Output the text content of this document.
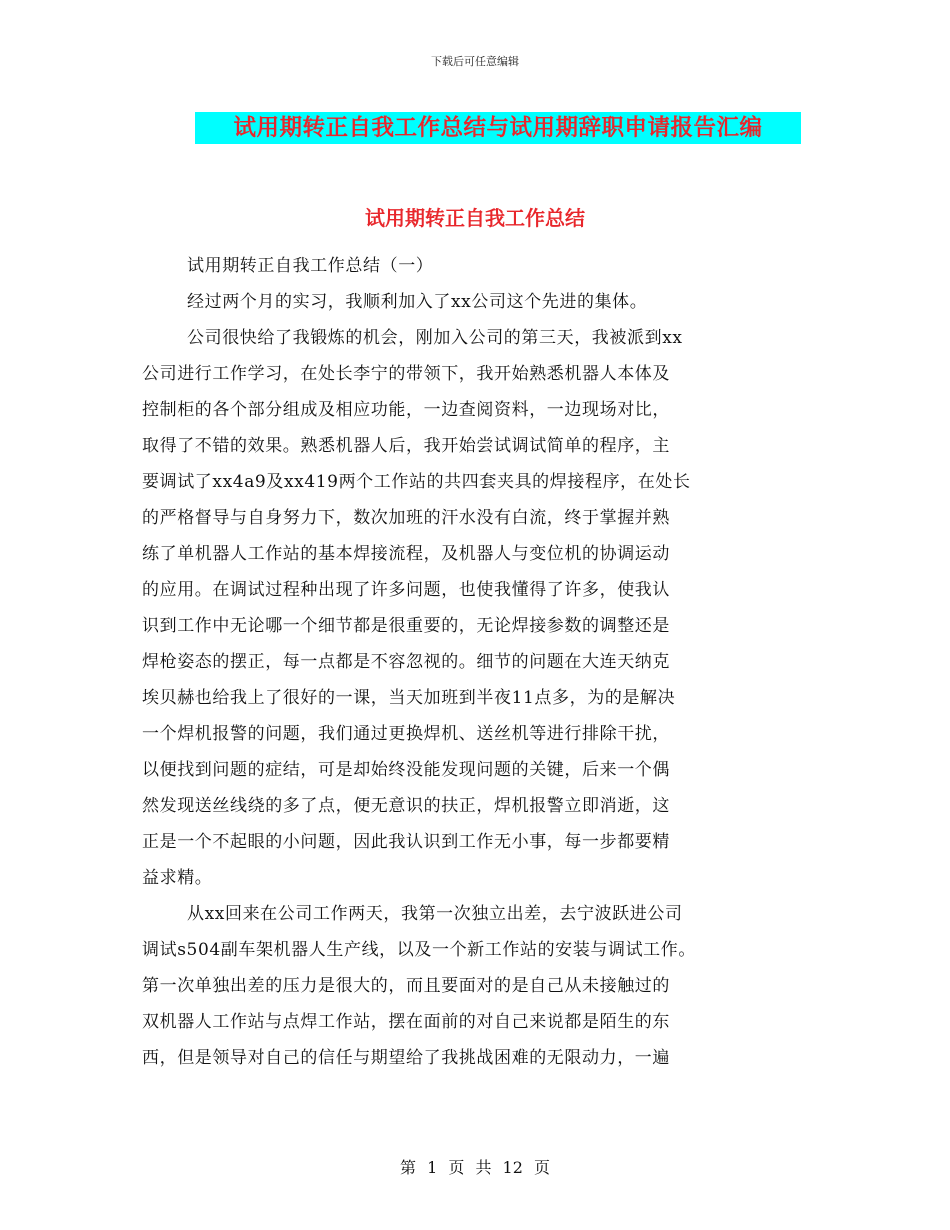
下载后可任意编辑
试用期转正自我工作总结与试用期辞职申请报告汇编
试用期转正自我工作总结
试用期转正自我工作总结（一）
经过两个月的实习，我顺利加入了xx公司这个先进的集体。
公司很快给了我锻炼的机会，刚加入公司的第三天，我被派到xx
公司进行工作学习，在处长李宁的带领下，我开始熟悉机器人本体及
控制柜的各个部分组成及相应功能，一边查阅资料，一边现场对比，
取得了不错的效果。熟悉机器人后，我开始尝试调试简单的程序，主
要调试了xx4a9及xx419两个工作站的共四套夹具的焊接程序，在处长
的严格督导与自身努力下，数次加班的汗水没有白流，终于掌握并熟
练了单机器人工作站的基本焊接流程，及机器人与变位机的协调运动
的应用。在调试过程种出现了许多问题，也使我懂得了许多，使我认
识到工作中无论哪一个细节都是很重要的，无论焊接参数的调整还是
焊枪姿态的摆正，每一点都是不容忽视的。细节的问题在大连天纳克
埃贝赫也给我上了很好的一课，当天加班到半夜11点多，为的是解决
一个焊机报警的问题，我们通过更换焊机、送丝机等进行排除干扰，
以便找到问题的症结，可是却始终没能发现问题的关键，后来一个偶
然发现送丝线绕的多了点，便无意识的扶正，焊机报警立即消逝，这
正是一个不起眼的小问题，因此我认识到工作无小事，每一步都要精
益求精。
从xx回来在公司工作两天，我第一次独立出差，去宁波跃进公司
调试s504副车架机器人生产线，以及一个新工作站的安装与调试工作。
第一次单独出差的压力是很大的，而且要面对的是自己从未接触过的
双机器人工作站与点焊工作站，摆在面前的对自己来说都是陌生的东
西，但是领导对自己的信任与期望给了我挑战困难的无限动力，一遍
第 1 页 共 12 页
